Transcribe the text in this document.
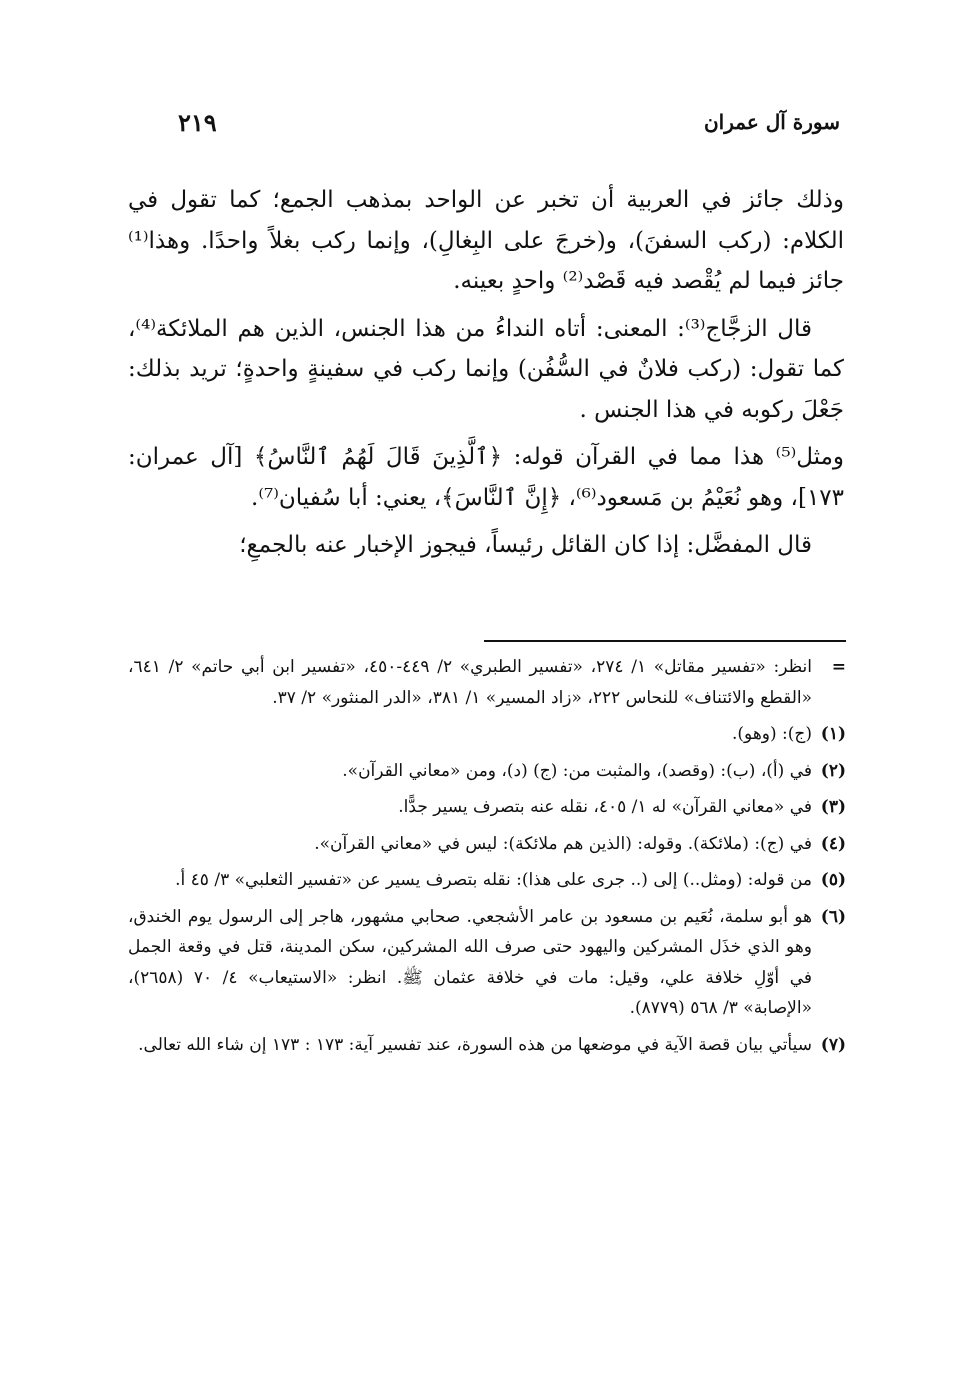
سورة آل عمران
٢١٩

وذلك جائز في العربية أن تخبر عن الواحد بمذهب الجمع؛ كما تقول في الكلام: (ركب السفنَ)، و(خرجَ على البِغالِ)، وإنما ركب بغلاً واحدًا. وهذا⁽¹⁾ جائز فيما لم يُقْصد فيه قَصْد⁽²⁾ واحدٍ بعينه.

قال الزجَّاج⁽³⁾: المعنى: أتاه النداءُ من هذا الجنس، الذين هم الملائكة⁽⁴⁾، كما تقول: (ركب فلانٌ في السُّفُن) وإنما ركب في سفينةٍ واحدةٍ؛ تريد بذلك: جَعْلَ ركوبه في هذا الجنس .

ومثل⁽⁵⁾ هذا مما في القرآن قوله: ﴿ٱلَّذِينَ قَالَ لَهُمُ ٱلنَّاسُ﴾ [آل عمران: ١٧٣]، وهو نُعَيْمُ بن مَسعود⁽⁶⁾، ﴿إِنَّ ٱلنَّاسَ﴾، يعني: أبا سُفيان⁽⁷⁾.

قال المفضَّل: إذا كان القائل رئيساً، فيجوز الإخبار عنه بالجمعِ؛

=
انظر: «تفسير مقاتل» ١/ ٢٧٤، «تفسير الطبري» ٢/ ٤٤٩-٤٥٠، «تفسير ابن أبي حاتم» ٢/ ٦٤١، «القطع والائتناف» للنحاس ٢٢٢، «زاد المسير» ١/ ٣٨١، «الدر المنثور» ٢/ ٣٧.
(١)
(ج): (وهو).
(٢)
في (أ)، (ب): (وقصد)، والمثبت من: (ج) (د)، ومن «معاني القرآن».
(٣)
في «معاني القرآن» له ١/ ٤٠٥، نقله عنه بتصرف يسير جدًّا.
(٤)
في (ج): (ملائكة). وقوله: (الذين هم ملائكة): ليس في «معاني القرآن».
(٥)
من قوله: (ومثل..) إلى (.. جرى على هذا): نقله بتصرف يسير عن «تفسير الثعلبي» ٣/ ٤٥ أ.
(٦)
هو أبو سلمة، نُعَيم بن مسعود بن عامر الأشجعي. صحابي مشهور، هاجر إلى الرسول يوم الخندق، وهو الذي خذَل المشركين واليهود حتى صرف الله المشركين، سكن المدينة، قتل في وقعة الجمل في أوّلِ خلافة علي، وقيل: مات في خلافة عثمان ﷺ. انظر: «الاستيعاب» ٤/ ٧٠ (٢٦٥٨)، «الإصابة» ٣/ ٥٦٨ (٨٧٧٩).
(٧)
سيأتي بيان قصة الآية في موضعها من هذه السورة، عند تفسير آية: ١٧٣ : ١٧٣ إن شاء الله تعالى.
